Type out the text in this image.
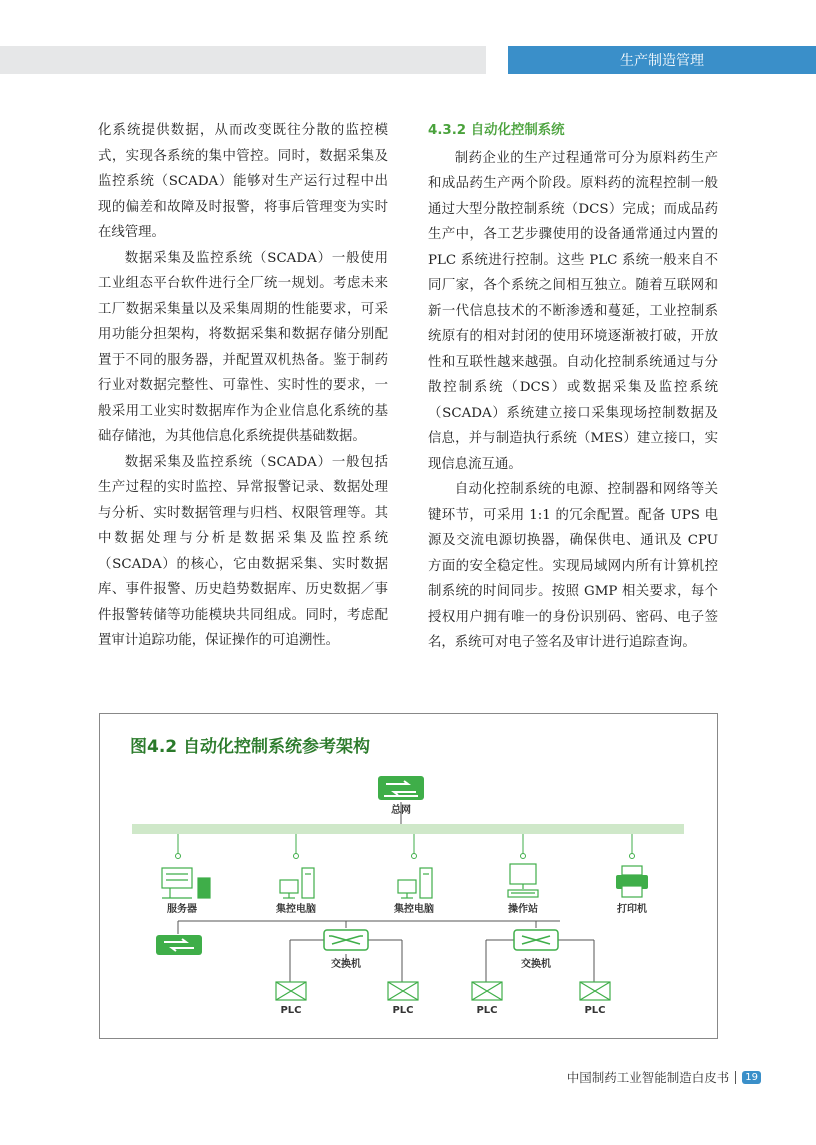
生产制造管理

化系统提供数据，从而改变既往分散的监控模式，实现各系统的集中管控。同时，数据采集及监控系统（SCADA）能够对生产运行过程中出现的偏差和故障及时报警，将事后管理变为实时在线管理。

数据采集及监控系统（SCADA）一般使用工业组态平台软件进行全厂统一规划。考虑未来工厂数据采集量以及采集周期的性能要求，可采用功能分担架构，将数据采集和数据存储分别配置于不同的服务器，并配置双机热备。鉴于制药行业对数据完整性、可靠性、实时性的要求，一般采用工业实时数据库作为企业信息化系统的基础存储池，为其他信息化系统提供基础数据。

数据采集及监控系统（SCADA）一般包括生产过程的实时监控、异常报警记录、数据处理与分析、实时数据管理与归档、权限管理等。其中数据处理与分析是数据采集及监控系统（SCADA）的核心，它由数据采集、实时数据库、事件报警、历史趋势数据库、历史数据／事件报警转储等功能模块共同组成。同时，考虑配置审计追踪功能，保证操作的可追溯性。

4.3.2 自动化控制系统

制药企业的生产过程通常可分为原料药生产和成品药生产两个阶段。原料药的流程控制一般通过大型分散控制系统（DCS）完成；而成品药生产中，各工艺步骤使用的设备通常通过内置的 PLC 系统进行控制。这些 PLC 系统一般来自不同厂家，各个系统之间相互独立。随着互联网和新一代信息技术的不断渗透和蔓延，工业控制系统原有的相对封闭的使用环境逐渐被打破，开放性和互联性越来越强。自动化控制系统通过与分散控制系统（DCS）或数据采集及监控系统（SCADA）系统建立接口采集现场控制数据及信息，并与制造执行系统（MES）建立接口，实现信息流互通。

自动化控制系统的电源、控制器和网络等关键环节，可采用 1:1 的冗余配置。配备 UPS 电源及交流电源切换器，确保供电、通讯及 CPU 方面的安全稳定性。实现局域网内所有计算机控制系统的时间同步。按照 GMP 相关要求，每个授权用户拥有唯一的身份识别码、密码、电子签名，系统可对电子签名及审计进行追踪查询。

图4.2 自动化控制系统参考架构
总网
服务器	集控电脑	集控电脑	操作站	打印机
交换机	交换机
PLC	PLC	PLC	PLC
中国制药工业智能制造白皮书	19
